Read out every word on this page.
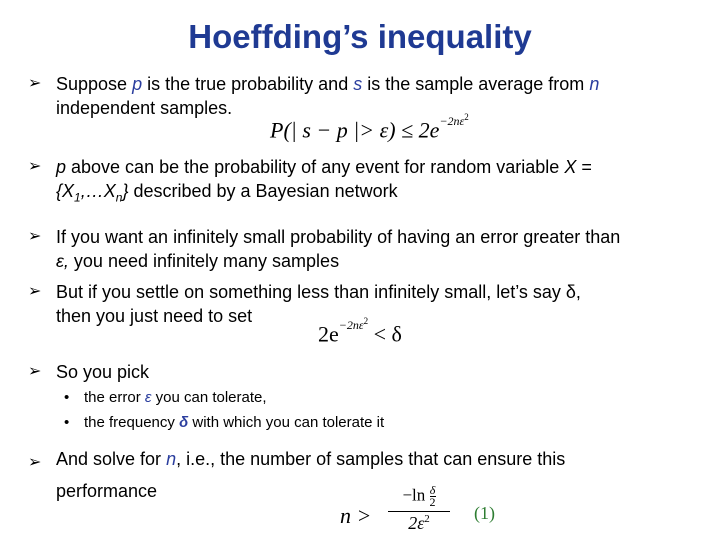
Hoeffding’s inequality
➢ Suppose p is the true probability and s is the sample average from n
independent samples.
P(| s − p |> $\varepsilon) \le 2e^{-2n\varepsilon^2}$
➢ p above can be the probability of any event for random variable X =
$\{X_1,\dots X_n\}$ described by a Bayesian network
➢ If you want an infinitely small probability of having an error greater than
ε, you need infinitely many samples
➢ But if you settle on something less than infinitely small, let’s say δ,
then you just need to set
$2e^{-2n\varepsilon^2} < \delta$
➢ So you pick
• the error ε you can tolerate,
• the frequency δ with which you can tolerate it
➢ And solve for n, i.e., the number of samples that can ensure this
performance
n >
$-\ln \frac{\delta}{2}$
$2\varepsilon^2$	(1)
